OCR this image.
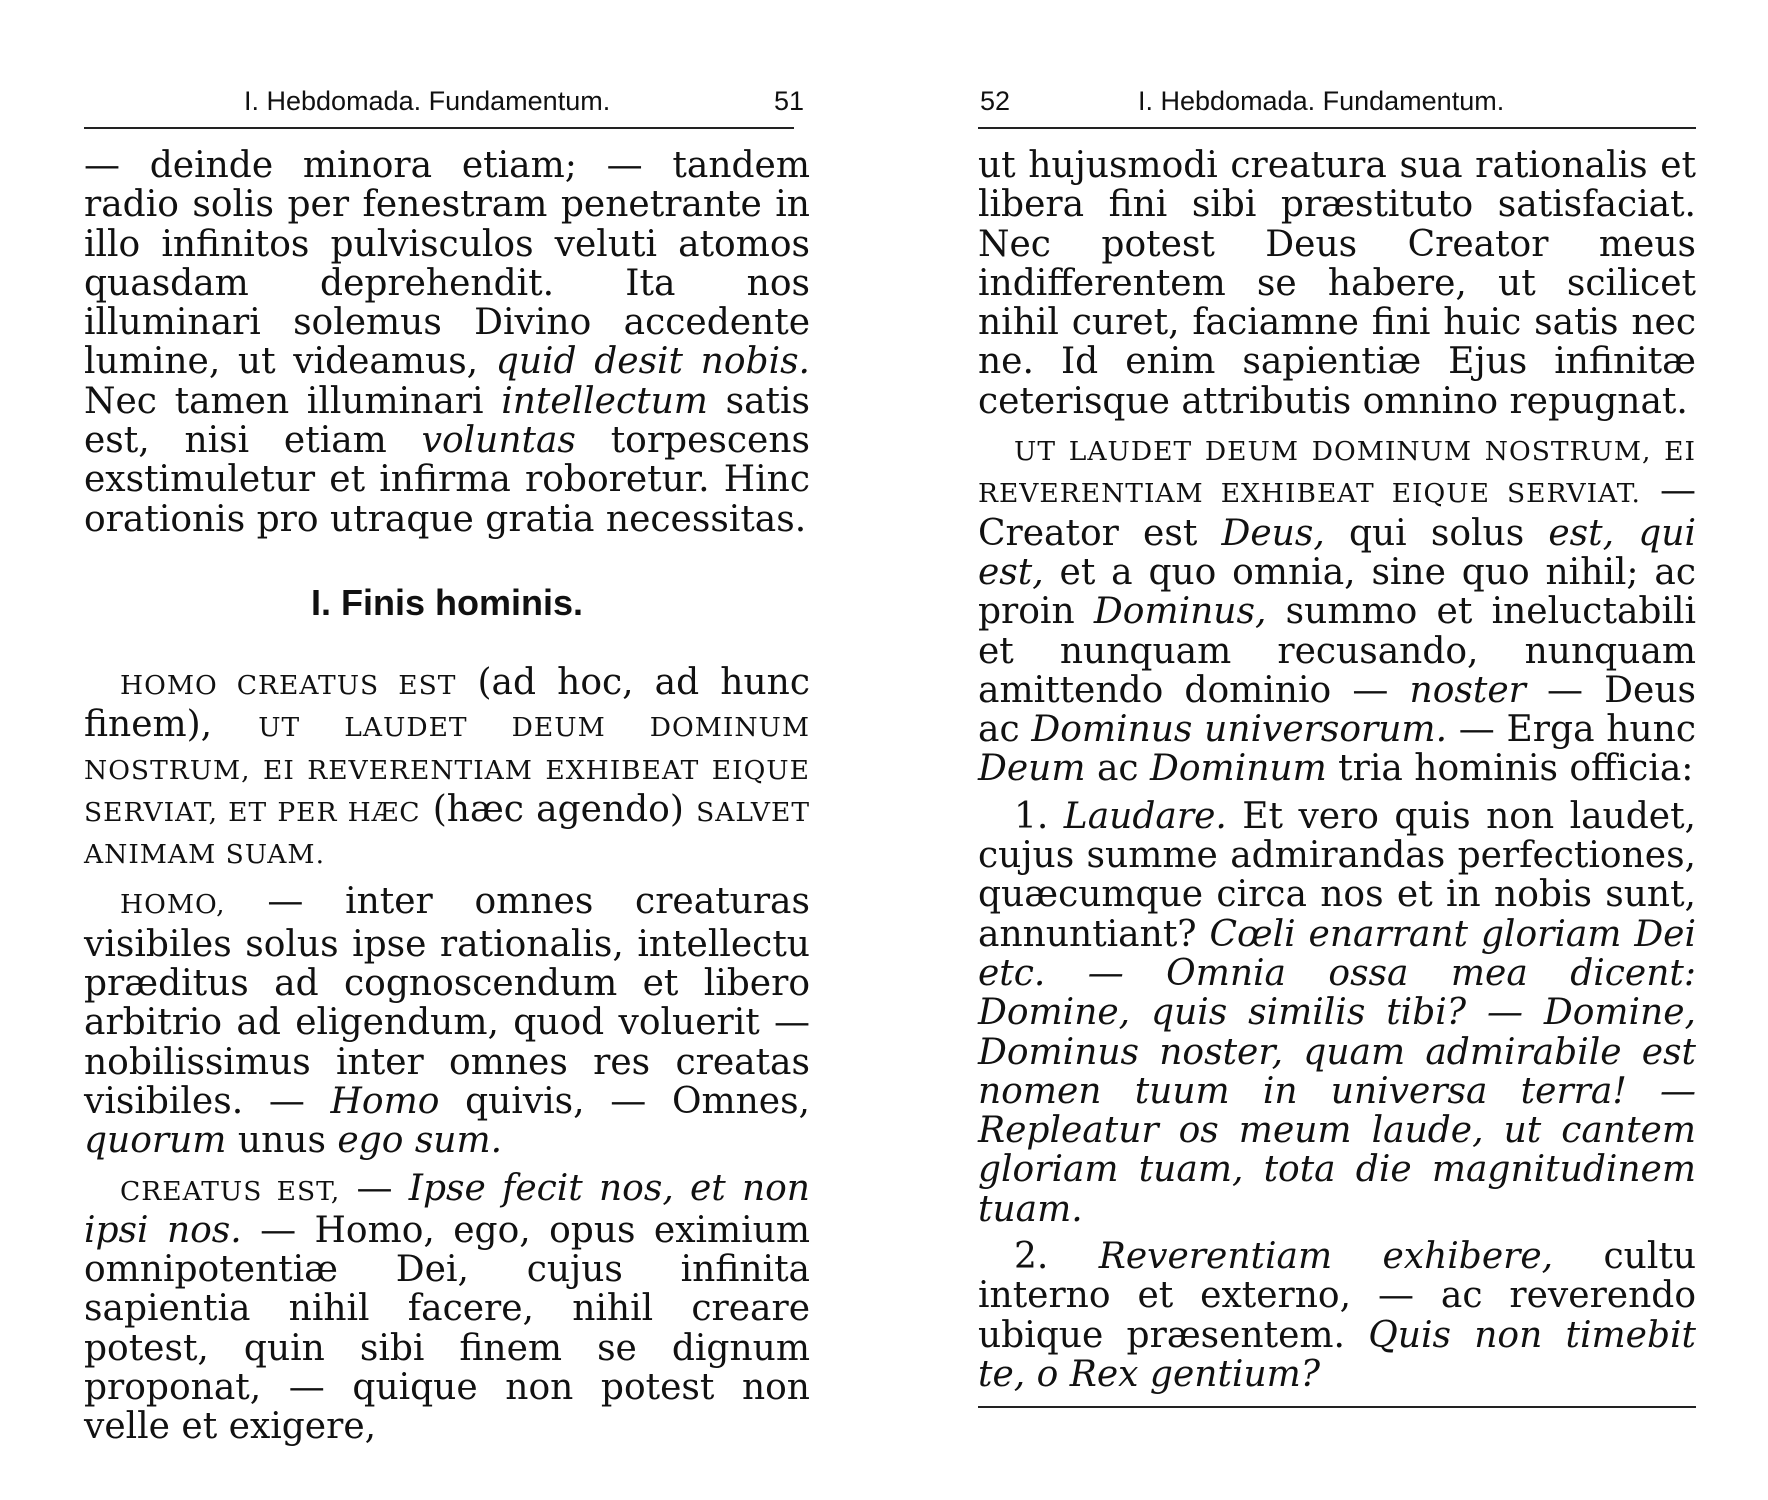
I. Hebdomada. Fundamentum.	51

— deinde minora etiam; — tandem radio solis per fenestram penetrante in illo infinitos pulvisculos veluti atomos quasdam deprehendit. Ita nos illuminari solemus Divino accedente lumine, ut videamus, quid desit nobis. Nec tamen illuminari intellectum satis est, nisi etiam voluntas torpescens exstimuletur et infirma roboretur. Hinc orationis pro utraque gratia necessitas.

I. Finis hominis.

HOMO CREATUS EST (ad hoc, ad hunc finem), UT LAUDET DEUM DOMINUM NOSTRUM, EI REVERENTIAM EXHIBEAT EIQUE SERVIAT, ET PER HÆC (hæc agendo) SALVET ANIMAM SUAM.

HOMO, — inter omnes creaturas visibiles solus ipse rationalis, intellectu præditus ad cognoscendum et libero arbitrio ad eligendum, quod voluerit — nobilissimus inter omnes res creatas visibiles. — Homo quivis, — Omnes, quorum unus ego sum.

CREATUS EST, — Ipse fecit nos, et non ipsi nos. — Homo, ego, opus eximium omnipotentiæ Dei, cujus infinita sapientia nihil facere, nihil creare potest, quin sibi finem se dignum proponat, — quique non potest non velle et exigere,

52	I. Hebdomada. Fundamentum.

ut hujusmodi creatura sua rationalis et libera fini sibi præstituto satisfaciat. Nec potest Deus Creator meus indifferentem se habere, ut scilicet nihil curet, faciamne fini huic satis nec ne. Id enim sapientiæ Ejus infinitæ ceterisque attributis omnino repugnat.

UT LAUDET DEUM DOMINUM NOSTRUM, EI REVERENTIAM EXHIBEAT EIQUE SERVIAT. — Creator est Deus, qui solus est, qui est, et a quo omnia, sine quo nihil; ac proin Dominus, summo et ineluctabili et nunquam recusando, nunquam amittendo dominio — noster — Deus ac Dominus universorum. — Erga hunc Deum ac Dominum tria hominis officia:

1. Laudare. Et vero quis non laudet, cujus summe admirandas perfectiones, quæcumque circa nos et in nobis sunt, annuntiant? Cœli enarrant gloriam Dei etc. — Omnia ossa mea dicent: Domine, quis similis tibi? — Domine, Dominus noster, quam admirabile est nomen tuum in universa terra! — Repleatur os meum laude, ut cantem gloriam tuam, tota die magnitudinem tuam.

2. Reverentiam exhibere, cultu interno et externo, — ac reverendo ubique præsentem. Quis non timebit te, o Rex gentium?
